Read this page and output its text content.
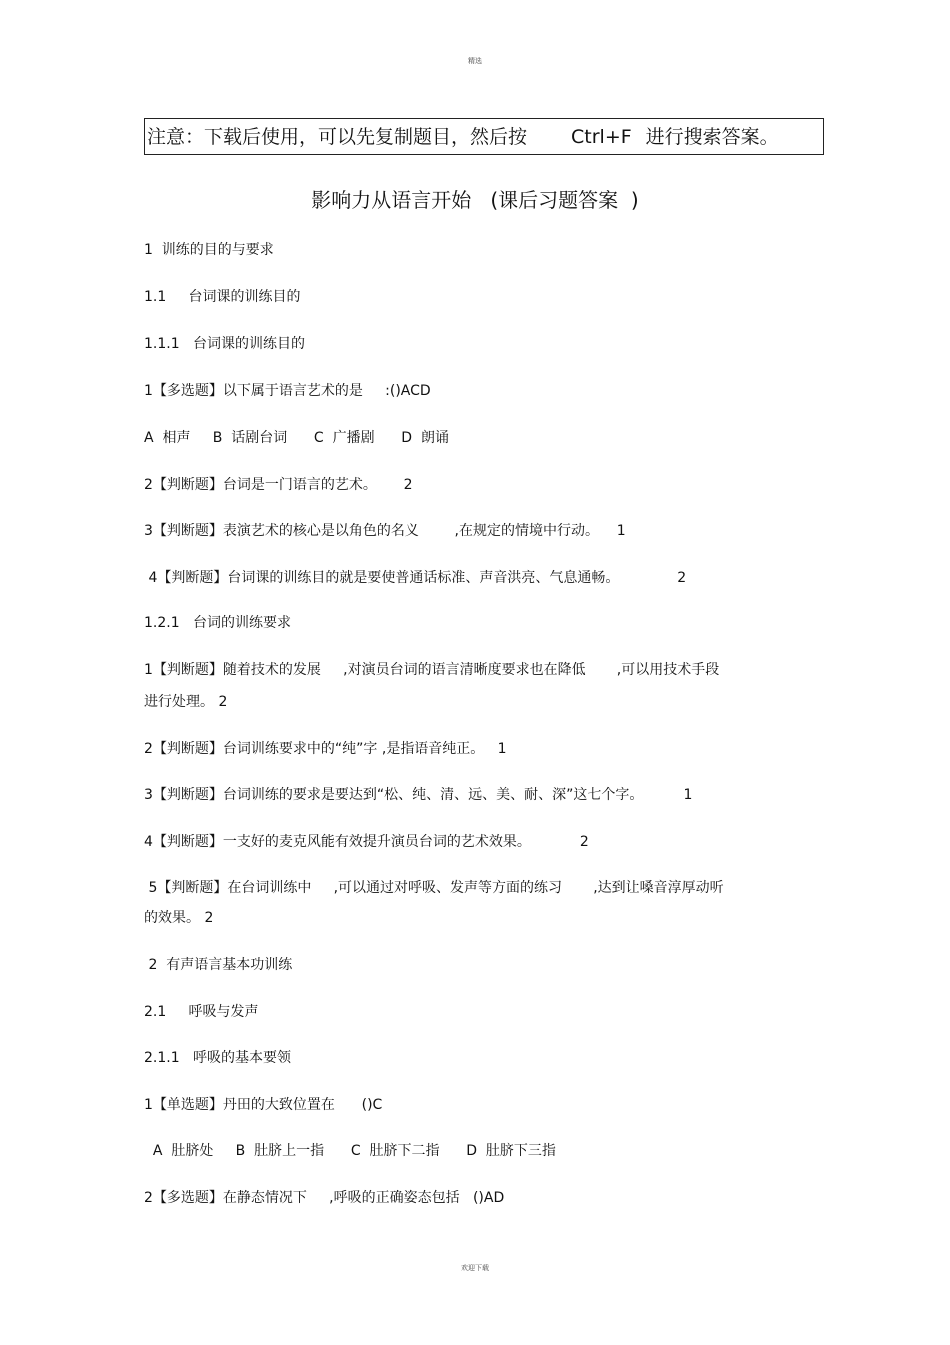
精选
注意：下载后使用，可以先复制题目，然后按 Ctrl+F 进行搜索答案。
影响力从语言开始   (课后习题答案  )
1  训练的目的与要求
1.1     台词课的训练目的
1.1.1   台词课的训练目的
1【多选题】以下属于语言艺术的是     :()ACD
A  相声     B  话剧台词      C  广播剧      D  朗诵
2【判断题】台词是一门语言的艺术。      2
3【判断题】表演艺术的核心是以角色的名义        ,在规定的情境中行动。    1
4【判断题】台词课的训练目的就是要使普通话标准、声音洪亮、气息通畅。             2
1.2.1   台词的训练要求
1【判断题】随着技术的发展     ,对演员台词的语言清晰度要求也在降低       ,可以用技术手段
进行处理。 2
2【判断题】台词训练要求中的“纯”字 ,是指语音纯正。   1
3【判断题】台词训练的要求是要达到“松、纯、清、远、美、耐、深”这七个字。         1
4【判断题】一支好的麦克风能有效提升演员台词的艺术效果。           2
5【判断题】在台词训练中     ,可以通过对呼吸、发声等方面的练习       ,达到让嗓音淳厚动听
的效果。 2
2  有声语言基本功训练
2.1     呼吸与发声
2.1.1   呼吸的基本要领
1【单选题】丹田的大致位置在      ()C
A  肚脐处     B  肚脐上一指      C  肚脐下二指      D  肚脐下三指
2【多选题】在静态情况下     ,呼吸的正确姿态包括   ()AD
欢迎下载
